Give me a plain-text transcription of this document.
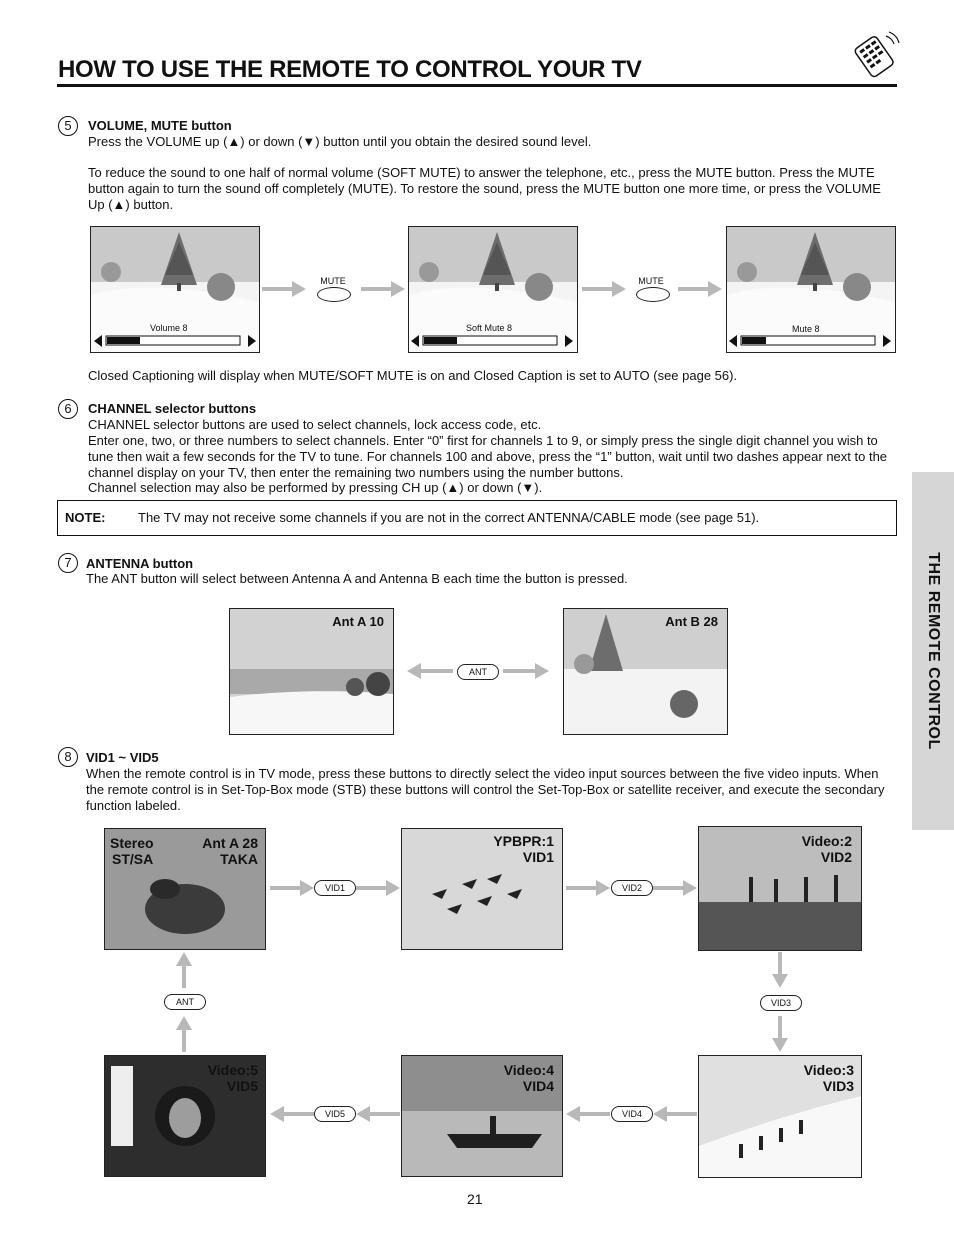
HOW TO USE THE REMOTE TO CONTROL YOUR TV
THE REMOTE CONTROL
5	VOLUME, MUTE button
Press the VOLUME up (▲) or down (▼) button until you obtain the desired sound level.
To reduce the sound to one half of normal volume (SOFT MUTE) to answer the telephone, etc., press the MUTE button. Press the MUTE button again to turn the sound off completely (MUTE). To restore the sound, press the MUTE button one more time, or press the VOLUME Up (▲) button.
Volume 8
MUTE
Soft Mute 8
MUTE
Mute 8
Closed Captioning will display when MUTE/SOFT MUTE is on and Closed Caption is set to AUTO (see page 56).
6	CHANNEL selector buttons
CHANNEL selector buttons are used to select channels, lock access code, etc.
Enter one, two, or three numbers to select channels. Enter “0” first for channels 1 to 9, or simply press the single digit channel you wish to tune then wait a few seconds for the TV to tune. For channels 100 and above, press the “1” button, wait until two dashes appear next to the channel display on your TV, then enter the remaining two numbers using the number buttons.
Channel selection may also be performed by pressing CH up (▲) or down (▼).
NOTE:	The TV may not receive some channels if you are not in the correct ANTENNA/CABLE mode (see page 51).
7	ANTENNA button
The ANT button will select between Antenna A and Antenna B each time the button is pressed.
Ant A 10
ANT
Ant B 28
8	VID1 ~ VID5
When the remote control is in TV mode, press these buttons to directly select the video input sources between the five video inputs. When the remote control is in Set-Top-Box mode (STB) these buttons will control the Set-Top-Box or satellite receiver, and execute the secondary function labeled.
Stereo
ST/SA
Ant A 28
TAKA
VID1
YPBPR:1
VID1
VID2
Video:2
VID2
ANT	VID3
Video:5
VID5
VID5
Video:4
VID4
VID4
Video:3
VID3
21
